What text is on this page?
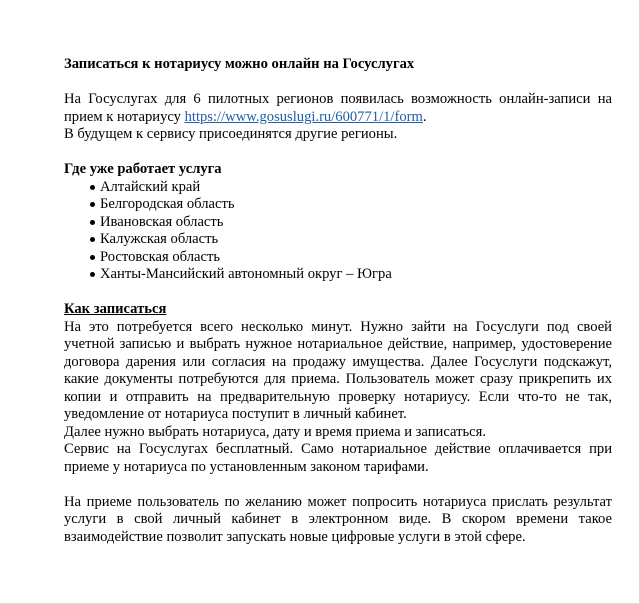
Записаться к нотариусу можно онлайн на Госуслугах

На Госуслугах для 6 пилотных регионов появилась возможность онлайн-записи на прием к нотариусу https://www.gosuslugi.ru/600771/1/form.

В будущем к сервису присоединятся другие регионы.

Где уже работает услуга

Алтайский край
Белгородская область
Ивановская область
Калужская область
Ростовская область
Ханты-Мансийский автономный округ – Югра

Как записаться

На это потребуется всего несколько минут. Нужно зайти на Госуслуги под своей учетной записью и выбрать нужное нотариальное действие, например, удостоверение договора дарения или согласия на продажу имущества. Далее Госуслуги подскажут, какие документы потребуются для приема. Пользователь может сразу прикрепить их копии и отправить на предварительную проверку нотариусу. Если что-то не так, уведомление от нотариуса поступит в личный кабинет.

Далее нужно выбрать нотариуса, дату и время приема и записаться.

Сервис на Госуслугах бесплатный. Само нотариальное действие оплачивается при приеме у нотариуса по установленным законом тарифами.

На приеме пользователь по желанию может попросить нотариуса прислать результат услуги в свой личный кабинет в электронном виде. В скором времени такое взаимодействие позволит запускать новые цифровые услуги в этой сфере.
